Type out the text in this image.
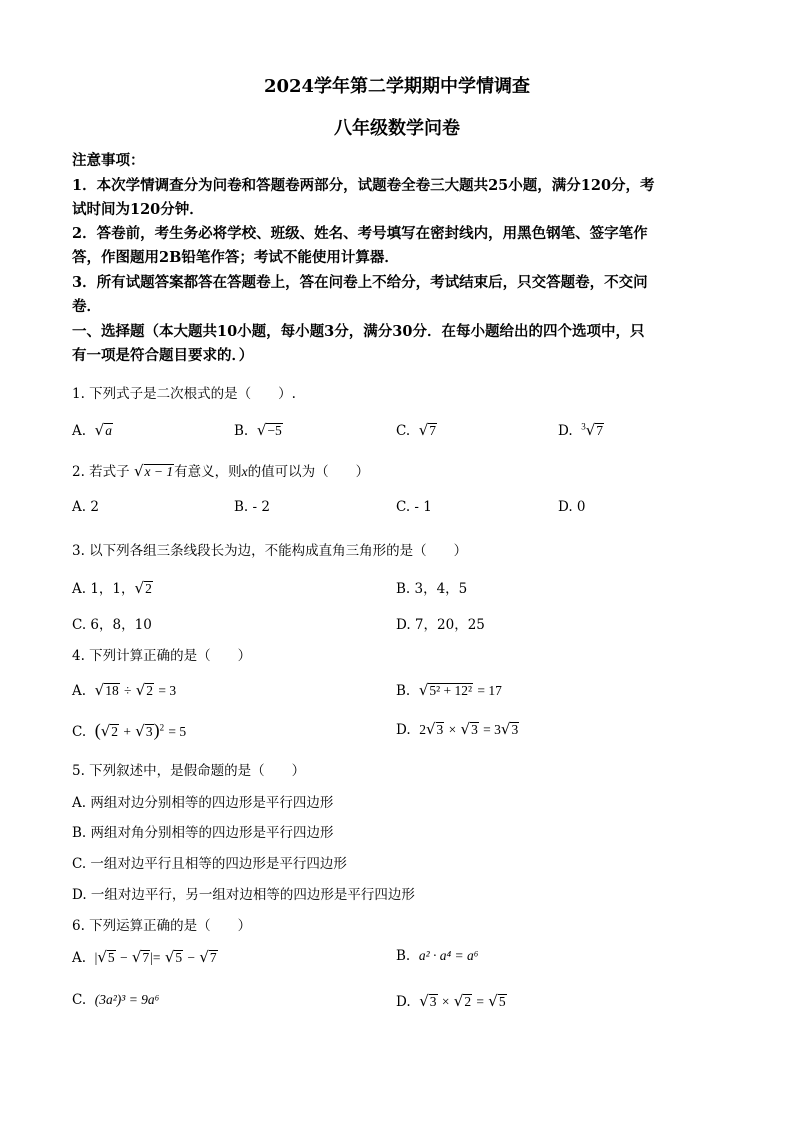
2024学年第二学期期中学情调查
八年级数学问卷
注意事项：
1．本次学情调查分为问卷和答题卷两部分，试题卷全卷三大题共25小题，满分120分，考
试时间为120分钟．
2．答卷前，考生务必将学校、班级、姓名、考号填写在密封线内，用黑色钢笔、签字笔作
答，作图题用2B铅笔作答；考试不能使用计算器．
3．所有试题答案都答在答题卷上，答在问卷上不给分，考试结束后，只交答题卷，不交问
卷．
一、选择题（本大题共10小题，每小题3分，满分30分．在每小题给出的四个选项中，只
有一项是符合题目要求的．）
1. 下列式子是二次根式的是（　　）.
A. √a	B. √−5	C. √7	D. $^3$√7
2. 若式子 √x − 1有意义，则x的值可以为（　　）
A. 2	B. - 2	C. - 1	D. 0
3. 以下列各组三条线段长为边，不能构成直角三角形的是（　　）
A. 1，1，√2	B. 3，4，5
C. 6，8，10	D. 7，20，25
4. 下列计算正确的是（　　）
A. √18 ÷ √2 = 3	B. √5² + 12² = 17
C. $(√2 + √3)^2 = 5$	D. 2√3 × √3 = 3√3
5. 下列叙述中，是假命题的是（　　）
A. 两组对边分别相等的四边形是平行四边形
B. 两组对角分别相等的四边形是平行四边形
C. 一组对边平行且相等的四边形是平行四边形
D. 一组对边平行，另一组对边相等的四边形是平行四边形
6. 下列运算正确的是（　　）
A. |√5 − √7|= √5 − √7	B. a² · a⁴ = a⁶
C. (3a²)³ = 9a⁶	D. √3 × √2 = √5
